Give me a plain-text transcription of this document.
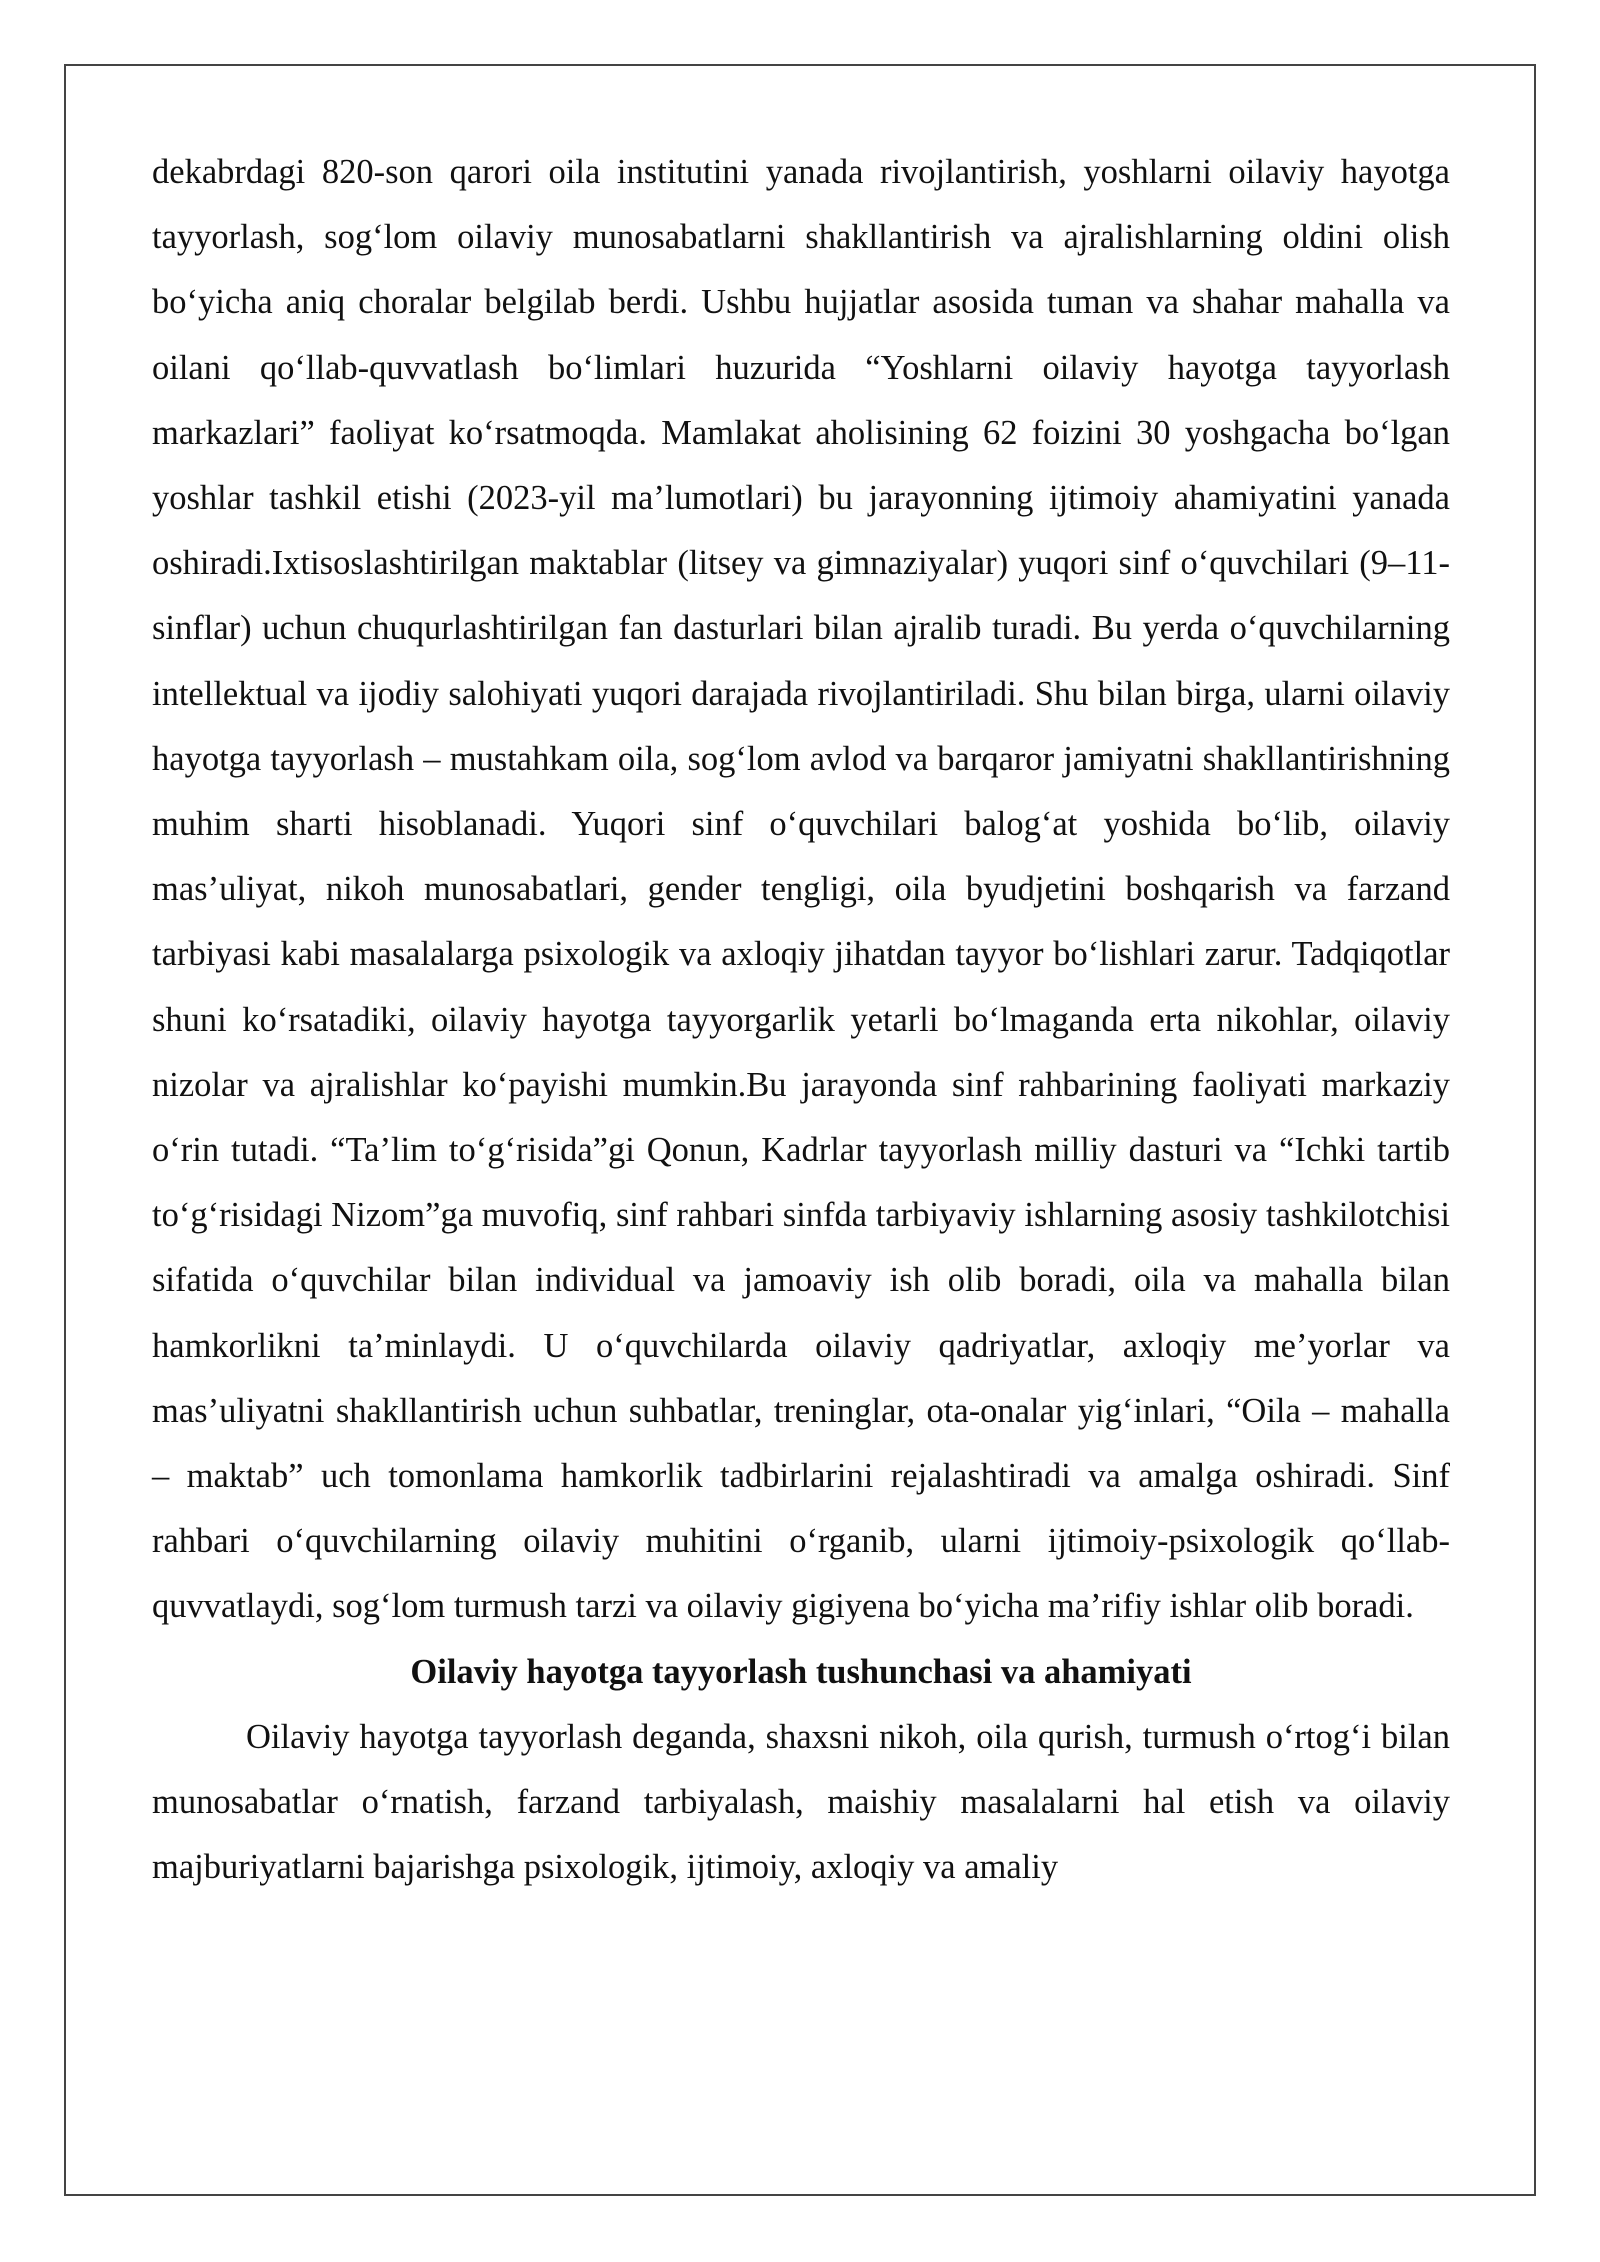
dekabrdagi 820-son qarori oila institutini yanada rivojlantirish, yoshlarni oilaviy hayotga tayyorlash, sog‘lom oilaviy munosabatlarni shakllantirish va ajralishlarning oldini olish bo‘yicha aniq choralar belgilab berdi. Ushbu hujjatlar asosida tuman va shahar mahalla va oilani qo‘llab-quvvatlash bo‘limlari huzurida “Yoshlarni oilaviy hayotga tayyorlash markazlari” faoliyat ko‘rsatmoqda. Mamlakat aholisining 62 foizini 30 yoshgacha bo‘lgan yoshlar tashkil etishi (2023-yil ma’lumotlari) bu jarayonning ijtimoiy ahamiyatini yanada oshiradi.Ixtisoslashtirilgan maktablar (litsey va gimnaziyalar) yuqori sinf o‘quvchilari (9–11-sinflar) uchun chuqurlashtirilgan fan dasturlari bilan ajralib turadi. Bu yerda o‘quvchilarning intellektual va ijodiy salohiyati yuqori darajada rivojlantiriladi. Shu bilan birga, ularni oilaviy hayotga tayyorlash – mustahkam oila, sog‘lom avlod va barqaror jamiyatni shakllantirishning muhim sharti hisoblanadi. Yuqori sinf o‘quvchilari balog‘at yoshida bo‘lib, oilaviy mas’uliyat, nikoh munosabatlari, gender tengligi, oila byudjetini boshqarish va farzand tarbiyasi kabi masalalarga psixologik va axloqiy jihatdan tayyor bo‘lishlari zarur. Tadqiqotlar shuni ko‘rsatadiki, oilaviy hayotga tayyorgarlik yetarli bo‘lmaganda erta nikohlar, oilaviy nizolar va ajralishlar ko‘payishi mumkin.Bu jarayonda sinf rahbarining faoliyati markaziy o‘rin tutadi. “Ta’lim to‘g‘risida”gi Qonun, Kadrlar tayyorlash milliy dasturi va “Ichki tartib to‘g‘risidagi Nizom”ga muvofiq, sinf rahbari sinfda tarbiyaviy ishlarning asosiy tashkilotchisi sifatida o‘quvchilar bilan individual va jamoaviy ish olib boradi, oila va mahalla bilan hamkorlikni ta’minlaydi. U o‘quvchilarda oilaviy qadriyatlar, axloqiy me’yorlar va mas’uliyatni shakllantirish uchun suhbatlar, treninglar, ota-onalar yig‘inlari, “Oila – mahalla – maktab” uch tomonlama hamkorlik tadbirlarini rejalashtiradi va amalga oshiradi. Sinf rahbari o‘quvchilarning oilaviy muhitini o‘rganib, ularni ijtimoiy-psixologik qo‘llab-quvvatlaydi, sog‘lom turmush tarzi va oilaviy gigiyena bo‘yicha ma’rifiy ishlar olib boradi.

Oilaviy hayotga tayyorlash tushunchasi va ahamiyati

Oilaviy hayotga tayyorlash deganda, shaxsni nikoh, oila qurish, turmush o‘rtog‘i bilan munosabatlar o‘rnatish, farzand tarbiyalash, maishiy masalalarni hal etish va oilaviy majburiyatlarni bajarishga psixologik, ijtimoiy, axloqiy va amaliy
